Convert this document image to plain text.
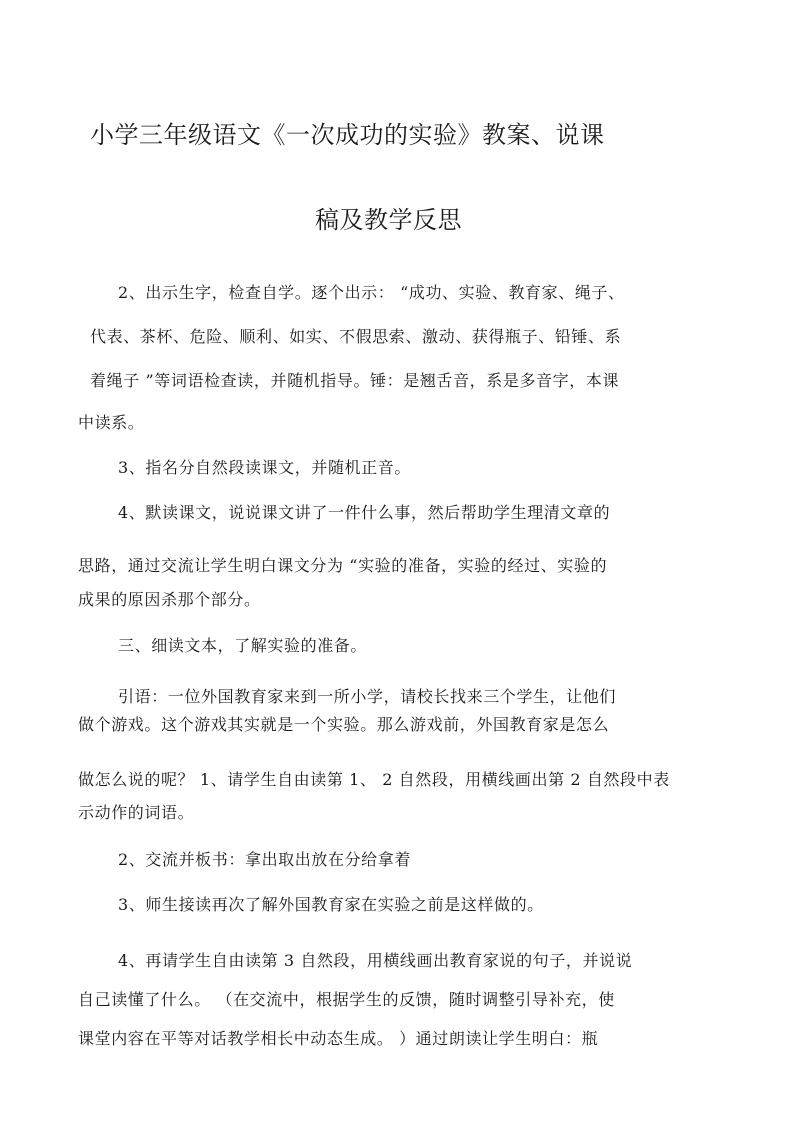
小学三年级语文《一次成功的实验》教案、说课
稿及教学反思
2、出示生字，检查自学。逐个出示： “成功、实验、教育家、绳子、
代表、茶杯、危险、顺利、如实、不假思索、激动、获得瓶子、铅锤、系
着绳子 ”等词语检查读，并随机指导。锤：是翘舌音，系是多音字，本课
中读系。
3、指名分自然段读课文，并随机正音。
4、默读课文，说说课文讲了一件什么事，然后帮助学生理清文章的
思路，通过交流让学生明白课文分为 “实验的准备，实验的经过、实验的
成果的原因杀那个部分。
三、细读文本，了解实验的准备。
引语：一位外国教育家来到一所小学，请校长找来三个学生，让他们
做个游戏。这个游戏其实就是一个实验。那么游戏前，外国教育家是怎么
做怎么说的呢？ 1、请学生自由读第 1、 2 自然段，用横线画出第 2 自然段中表
示动作的词语。
2、交流并板书：拿出取出放在分给拿着
3、师生接读再次了解外国教育家在实验之前是这样做的。
4、再请学生自由读第 3 自然段，用横线画出教育家说的句子，并说说
自己读懂了什么。 （在交流中，根据学生的反馈，随时调整引导补充，使
课堂内容在平等对话教学相长中动态生成。 ）通过朗读让学生明白：瓶
